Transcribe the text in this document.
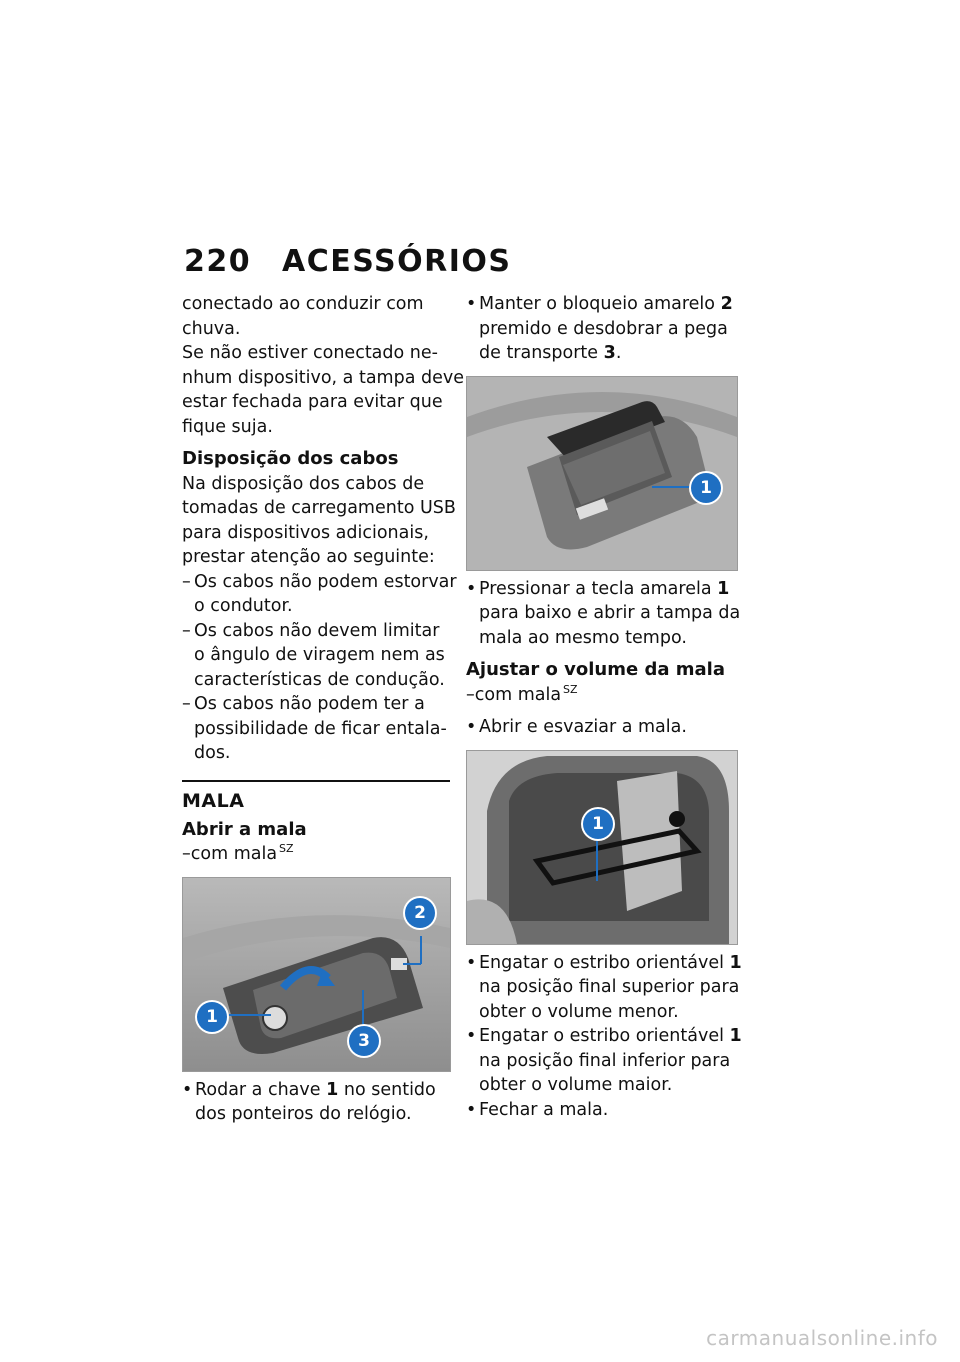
220 ACESSÓRIOS

conectado ao conduzir com

chuva.

Se não estiver conectado ne-

nhum dispositivo, a tampa deve

estar fechada para evitar que

fique suja.

Disposição dos cabos

Na disposição dos cabos de

tomadas de carregamento USB

para dispositivos adicionais,

prestar atenção ao seguinte:

– Os cabos não podem estorvar
o condutor.
– Os cabos não devem limitar
o ângulo de viragem nem as
características de condução.
– Os cabos não podem ter a
possibilidade de ficar entala-
dos.
MALA
Abrir a mala

–com mala $^{SZ}$

1
2
3
• Rodar a chave 1 no sentido
dos ponteiros do relógio.
• Manter o bloqueio amarelo 2
premido e desdobrar a pega
de transporte 3.
1
• Pressionar a tecla amarela 1
para baixo e abrir a tampa da
mala ao mesmo tempo.
Ajustar o volume da mala

–com mala $^{SZ}$

• Abrir e esvaziar a mala.
1
• Engatar o estribo orientável 1
na posição final superior para
obter o volume menor.
• Engatar o estribo orientável 1
na posição final inferior para
obter o volume maior.
• Fechar a mala.
carmanualsonline.info
